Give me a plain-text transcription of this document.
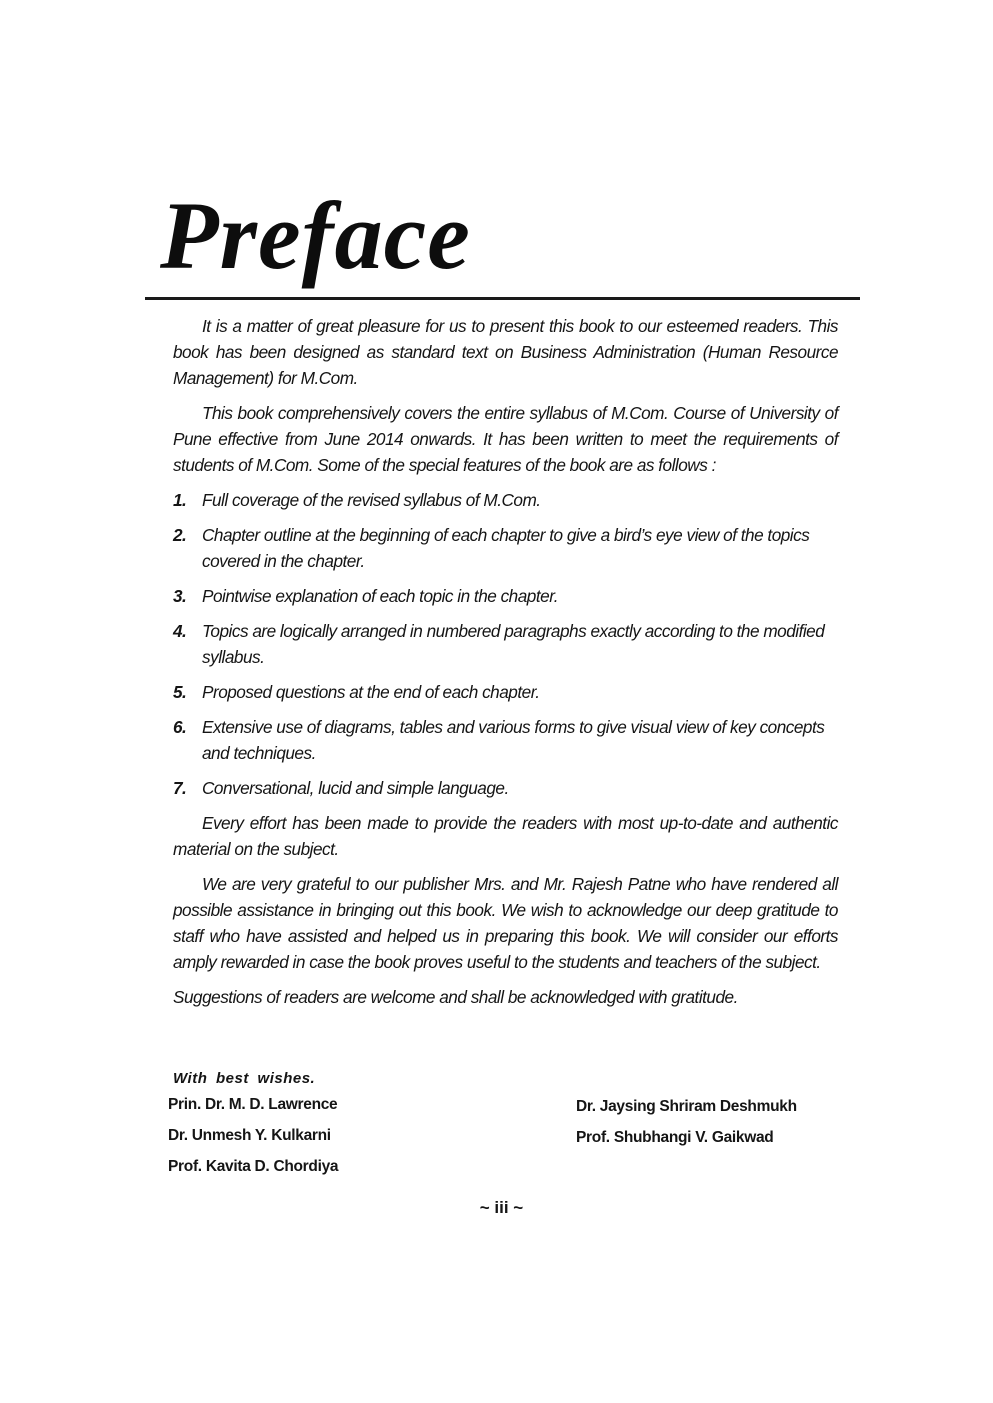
Preface

It is a matter of great pleasure for us to present this book to our esteemed readers. This book has been designed as standard text on Business Administration (Human Resource Management) for M.Com.

This book comprehensively covers the entire syllabus of M.Com. Course of University of Pune effective from June 2014 onwards. It has been written to meet the requirements of students of M.Com. Some of the special features of the book are as follows :

1. Full coverage of the revised syllabus of M.Com.
2. Chapter outline at the beginning of each chapter to give a bird’s eye view of the topics covered in the chapter.
3. Pointwise explanation of each topic in the chapter.
4. Topics are logically arranged in numbered paragraphs exactly according to the modified syllabus.
5. Proposed questions at the end of each chapter.
6. Extensive use of diagrams, tables and various forms to give visual view of key concepts and techniques.
7. Conversational, lucid and simple language.

Every effort has been made to provide the readers with most up-to-date and authentic material on the subject.

We are very grateful to our publisher Mrs. and Mr. Rajesh Patne who have rendered all possible assistance in bringing out this book. We wish to acknowledge our deep gratitude to staff who have assisted and helped us in preparing this book. We will consider our efforts amply rewarded in case the book proves useful to the students and teachers of the subject.

Suggestions of readers are welcome and shall be acknowledged with gratitude.

With best wishes.
Prin. Dr. M. D. Lawrence
Dr. Unmesh Y. Kulkarni
Prof. Kavita D. Chordiya
Dr. Jaysing Shriram Deshmukh
Prof. Shubhangi V. Gaikwad
~ iii ~
